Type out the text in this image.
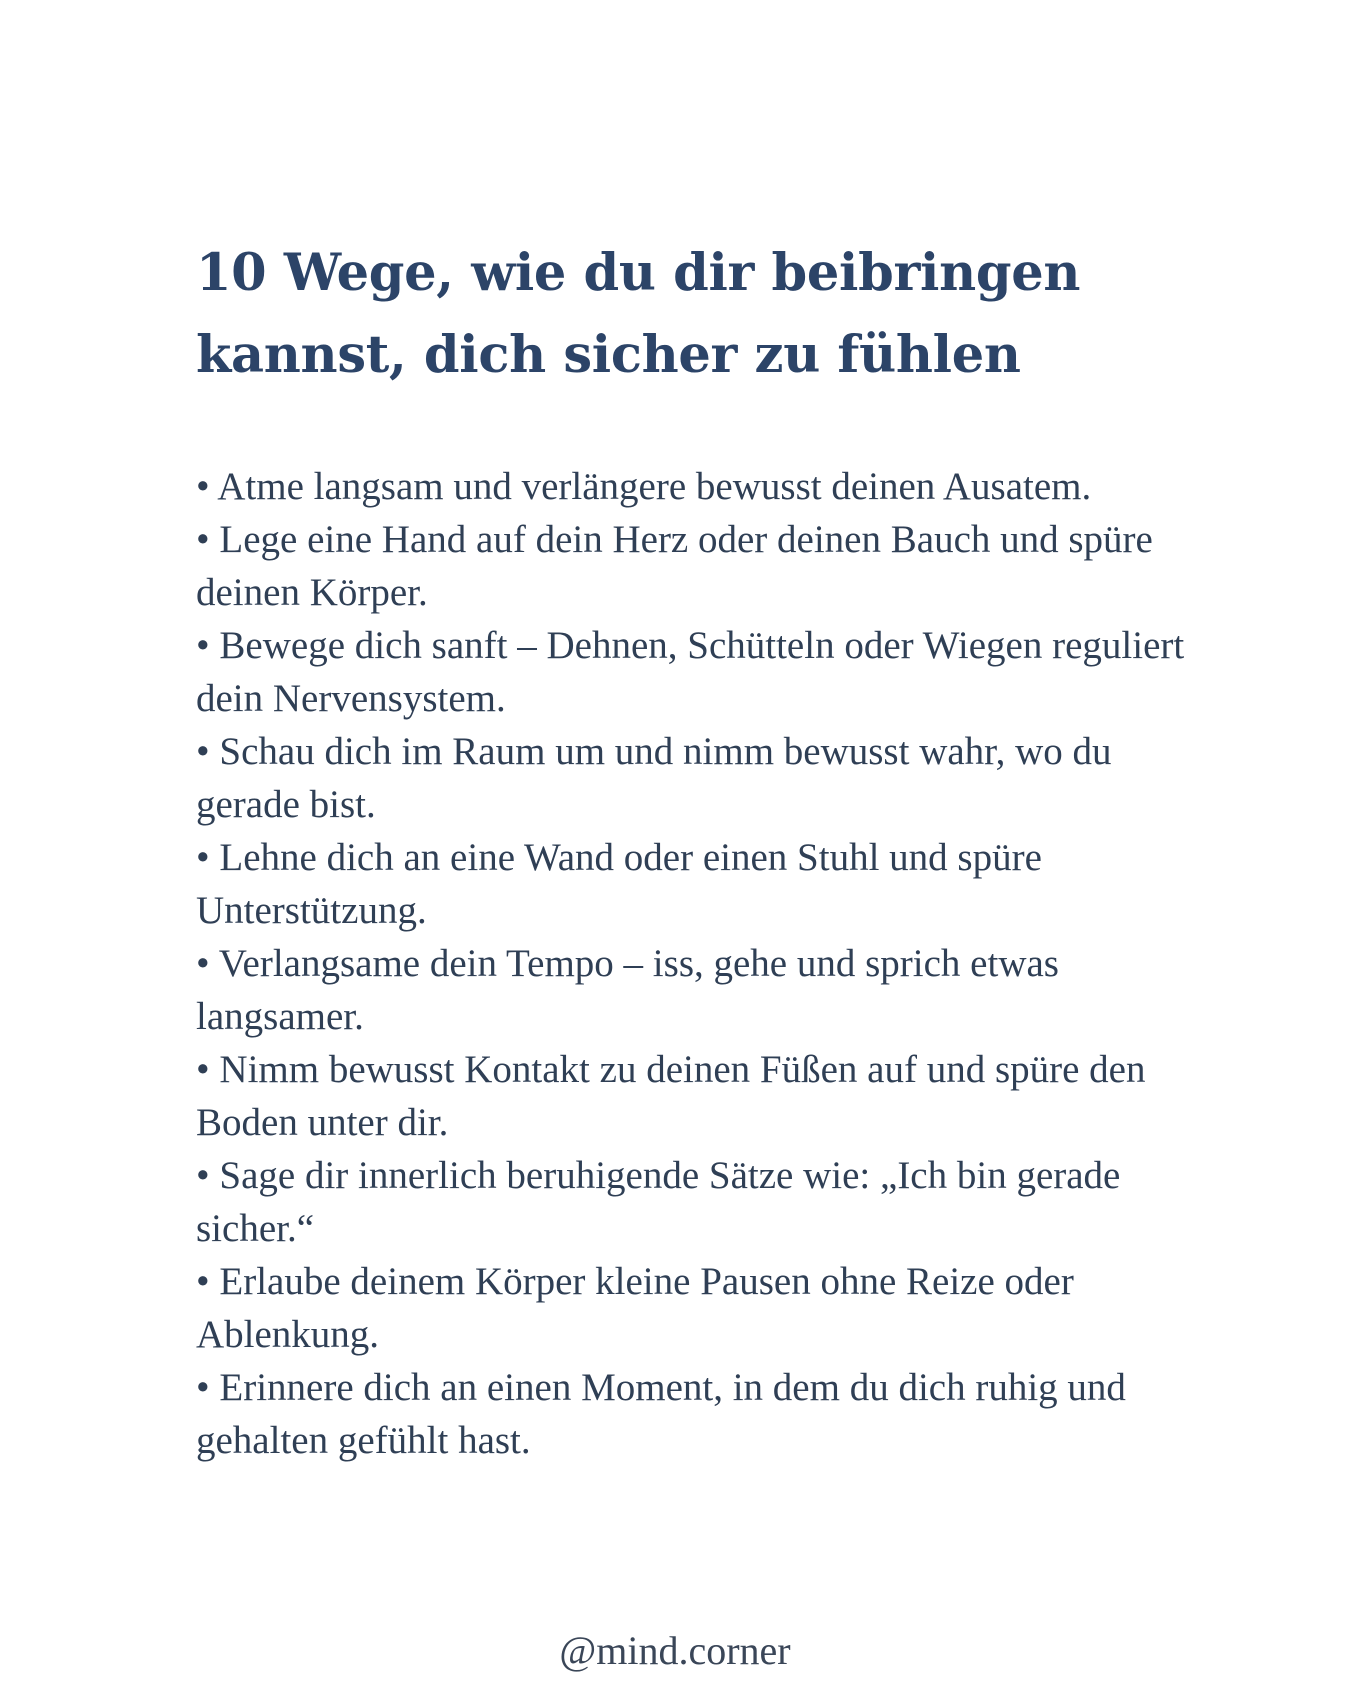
10 Wege, wie du dir beibringen
kannst, dich sicher zu fühlen
• Atme langsam und verlängere bewusst deinen Ausatem.
• Lege eine Hand auf dein Herz oder deinen Bauch und spüre deinen Körper.
• Bewege dich sanft – Dehnen, Schütteln oder Wiegen reguliert dein Nervensystem.
• Schau dich im Raum um und nimm bewusst wahr, wo du gerade bist.
• Lehne dich an eine Wand oder einen Stuhl und spüre Unterstützung.
• Verlangsame dein Tempo – iss, gehe und sprich etwas langsamer.
• Nimm bewusst Kontakt zu deinen Füßen auf und spüre den Boden unter dir.
• Sage dir innerlich beruhigende Sätze wie: „Ich bin gerade sicher.“
• Erlaube deinem Körper kleine Pausen ohne Reize oder Ablenkung.
• Erinnere dich an einen Moment, in dem du dich ruhig und gehalten gefühlt hast.
@mind.corner
